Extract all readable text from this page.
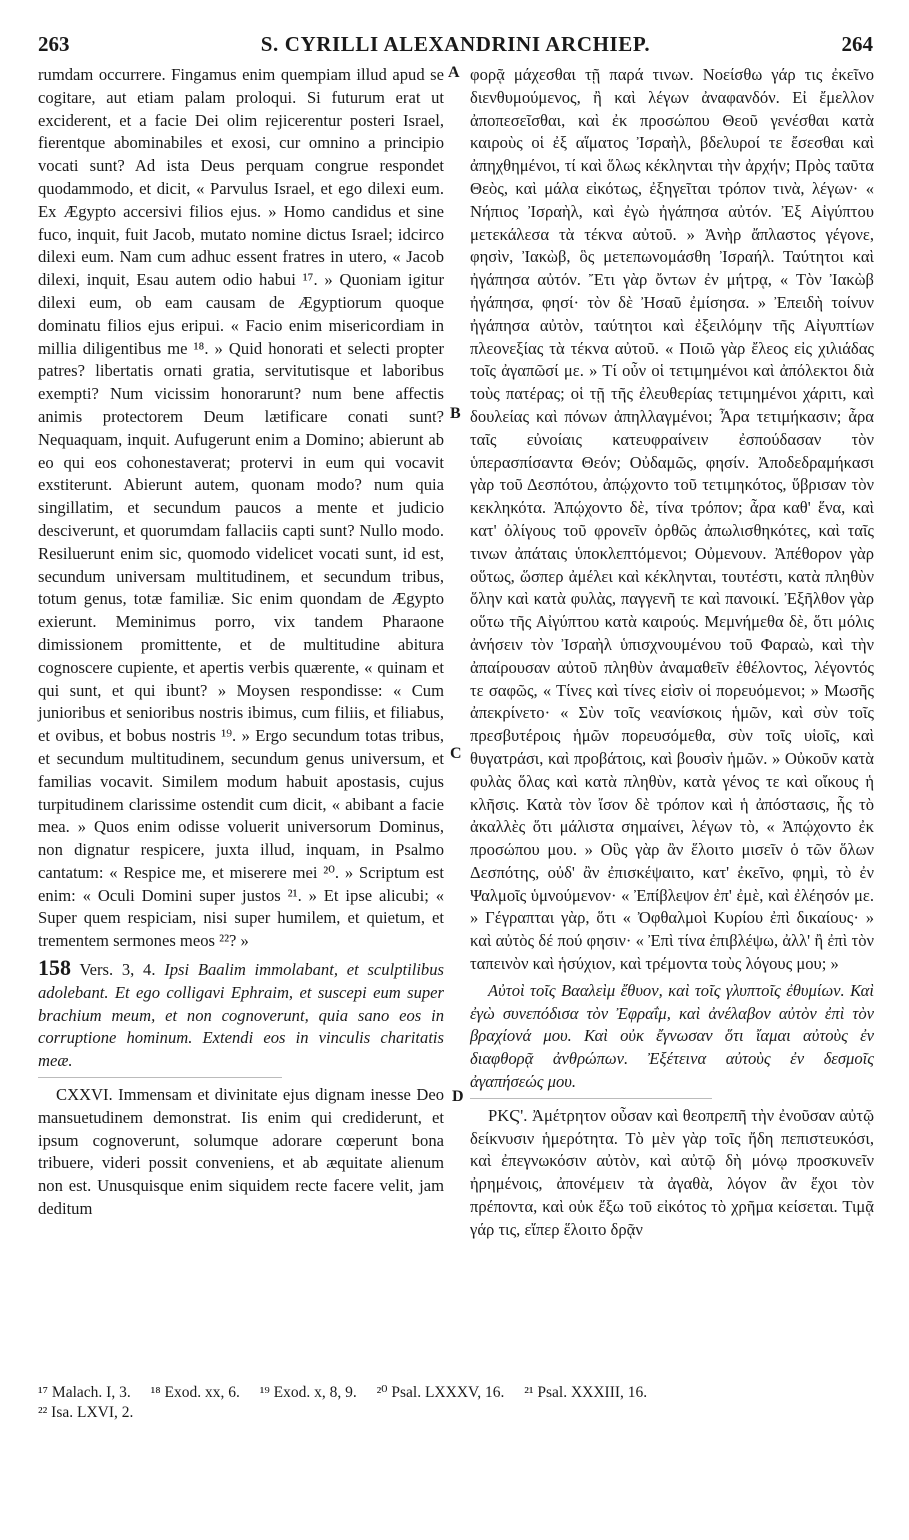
263	S. CYRILLI ALEXANDRINI ARCHIEP.	264

rumdam occurrere. Fingamus enim quempiam illud apud se cogitare, aut etiam palam proloqui. Si futurum erat ut exciderent, et a facie Dei olim rejicerentur posteri Israel, fierentque abominabiles et exosi, cur omnino a principio vocati sunt? Ad ista Deus perquam congrue respondet quodammodo, et dicit, « Parvulus Israel, et ego dilexi eum. Ex Ægypto accersivi filios ejus. » Homo candidus et sine fuco, inquit, fuit Jacob, mutato nomine dictus Israel; idcirco dilexi eum. Nam cum adhuc essent fratres in utero, « Jacob dilexi, inquit, Esau autem odio habui ¹⁷. » Quoniam igitur dilexi eum, ob eam causam de Ægyptiorum quoque dominatu filios ejus eripui. « Facio enim misericordiam in millia diligentibus me ¹⁸. » Quid honorati et selecti propter patres? libertatis ornati gratia, servitutisque et laboribus exempti? Num vicissim honorarunt? num bene affectis animis protectorem Deum lætificare conati sunt? Nequaquam, inquit. Aufugerunt enim a Domino; abierunt ab eo qui eos cohonestaverat; protervi in eum qui vocavit exstiterunt. Abierunt autem, quonam modo? num quia singillatim, et secundum paucos a mente et judicio desciverunt, et quorumdam fallaciis capti sunt? Nullo modo. Resiluerunt enim sic, quomodo videlicet vocati sunt, id est, secundum universam multitudinem, et secundum tribus, totum genus, totæ familiæ. Sic enim quondam de Ægypto exierunt. Meminimus porro, vix tandem Pharaone dimissionem promittente, et de multitudine abitura cognoscere cupiente, et apertis verbis quærente, « quinam et qui sunt, et qui ibunt? » Moysen respondisse: « Cum junioribus et senioribus nostris ibimus, cum filiis, et filiabus, et ovibus, et bobus nostris ¹⁹. » Ergo secundum totas tribus, et secundum multitudinem, secundum genus universum, et familias vocavit. Similem modum habuit apostasis, cujus turpitudinem clarissime ostendit cum dicit, « abibant a facie mea. » Quos enim odisse voluerit universorum Dominus, non dignatur respicere, juxta illud, inquam, in Psalmo cantatum: « Respice me, et miserere mei ²⁰. » Scriptum est enim: « Oculi Domini super justos ²¹. » Et ipse alicubi; « Super quem respiciam, nisi super humilem, et quietum, et trementem sermones meos ²²? »

158 Vers. 3, 4. Ipsi Baalim immolabant, et sculptilibus adolebant. Et ego colligavi Ephraim, et suscepi eum super brachium meum, et non cognoverunt, quia sano eos in corruptione hominum. Extendi eos in vinculis charitatis meæ.

CXXVI. Immensam et divinitate ejus dignam inesse Deo mansuetudinem demonstrat. Iis enim qui crediderunt, et ipsum cognoverunt, solumque adorare cœperunt bona tribuere, videri possit conveniens, et ab æquitate alienum non est. Unusquisque enim siquidem recte facere velit, jam deditum

φορᾷ μάχεσθαι τῇ παρά τινων. Νοείσθω γάρ τις ἐκεῖνο διενθυμούμενος, ἢ καὶ λέγων ἀναφανδόν. Εἰ ἔμελλον ἀποπεσεῖσθαι, καὶ ἐκ προσώπου Θεοῦ γενέσθαι κατὰ καιροὺς οἱ ἐξ αἵματος Ἰσραὴλ, βδελυροί τε ἔσεσθαι καὶ ἀπηχθημένοι, τί καὶ ὅλως κέκληνται τὴν ἀρχήν; Πρὸς ταῦτα Θεὸς, καὶ μάλα εἰκότως, ἐξηγεῖται τρόπον τινὰ, λέγων· « Νήπιος Ἰσραὴλ, καὶ ἐγὼ ἠγάπησα αὐτόν. Ἐξ Αἰγύπτου μετεκάλεσα τὰ τέκνα αὐτοῦ. » Ἀνὴρ ἄπλαστος γέγονε, φησὶν, Ἰακὼβ, ὃς μετεπωνομάσθη Ἰσραήλ. Ταύτητοι καὶ ἠγάπησα αὐτόν. Ἔτι γὰρ ὄντων ἐν μήτρᾳ, « Τὸν Ἰακὼβ ἠγάπησα, φησί· τὸν δὲ Ἠσαῦ ἐμίσησα. » Ἐπειδὴ τοίνυν ἠγάπησα αὐτὸν, ταύτητοι καὶ ἐξειλόμην τῆς Αἰγυπτίων πλεονεξίας τὰ τέκνα αὐτοῦ. « Ποιῶ γὰρ ἔλεος εἰς χιλιάδας τοῖς ἀγαπῶσί με. » Τί οὖν οἱ τετιμημένοι καὶ ἀπόλεκτοι διὰ τοὺς πατέρας; οἱ τῇ τῆς ἐλευθερίας τετιμημένοι χάριτι, καὶ δουλείας καὶ πόνων ἀπηλλαγμένοι; Ἆρα τετιμήκασιν; ἆρα ταῖς εὐνοίαις κατευφραίνειν ἐσπούδασαν τὸν ὑπερασπίσαντα Θεόν; Οὐδαμῶς, φησίν. Ἀποδεδραμήκασι γὰρ τοῦ Δεσπότου, ἀπῴχοντο τοῦ τετιμηκότος, ὕβρισαν τὸν κεκληκότα. Ἀπῴχοντο δὲ, τίνα τρόπον; ἆρα καθ' ἕνα, καὶ κατ' ὀλίγους τοῦ φρονεῖν ὀρθῶς ἀπωλισθηκότες, καὶ ταῖς τινων ἀπάταις ὑποκλεπτόμενοι; Οὐμενουν. Ἀπέθορον γὰρ οὕτως, ὥσπερ ἀμέλει καὶ κέκληνται, τουτέστι, κατὰ πληθὺν ὅλην καὶ κατὰ φυλὰς, παγγενῆ τε καὶ πανοικί. Ἐξῆλθον γὰρ οὕτω τῆς Αἰγύπτου κατὰ καιρούς. Μεμνήμεθα δὲ, ὅτι μόλις ἀνήσειν τὸν Ἰσραὴλ ὑπισχνουμένου τοῦ Φαραὼ, καὶ τὴν ἀπαίρουσαν αὐτοῦ πληθὺν ἀναμαθεῖν ἐθέλοντος, λέγοντός τε σαφῶς, « Τίνες καὶ τίνες εἰσὶν οἱ πορευόμενοι; » Μωσῆς ἀπεκρίνετο· « Σὺν τοῖς νεανίσκοις ἡμῶν, καὶ σὺν τοῖς πρεσβυτέροις ἡμῶν πορευσόμεθα, σὺν τοῖς υἱοῖς, καὶ θυγατράσι, καὶ προβάτοις, καὶ βουσὶν ἡμῶν. » Οὐκοῦν κατὰ φυλὰς ὅλας καὶ κατὰ πληθὺν, κατὰ γένος τε καὶ οἴκους ἡ κλῆσις. Κατὰ τὸν ἴσον δὲ τρόπον καὶ ἡ ἀπόστασις, ἧς τὸ ἀκαλλὲς ὅτι μάλιστα σημαίνει, λέγων τὸ, « Ἀπῴχοντο ἐκ προσώπου μου. » Οὓς γὰρ ἂν ἕλοιτο μισεῖν ὁ τῶν ὅλων Δεσπότης, οὐδ' ἂν ἐπισκέψαιτο, κατ' ἐκεῖνο, φημὶ, τὸ ἐν Ψαλμοῖς ὑμνούμενον· « Ἐπίβλεψον ἐπ' ἐμὲ, καὶ ἐλέησόν με. » Γέγραπται γὰρ, ὅτι « Ὀφθαλμοὶ Κυρίου ἐπὶ δικαίους· » καὶ αὐτὸς δέ πού φησιν· « Ἐπὶ τίνα ἐπιβλέψω, ἀλλ' ἢ ἐπὶ τὸν ταπεινὸν καὶ ἡσύχιον, καὶ τρέμοντα τοὺς λόγους μου; »

Αὐτοὶ τοῖς Βααλεὶμ ἔθυον, καὶ τοῖς γλυπτοῖς ἐθυμίων. Καὶ ἐγὼ συνεπόδισα τὸν Ἐφραΐμ, καὶ ἀνέλαβον αὐτὸν ἐπὶ τὸν βραχίονά μου. Καὶ οὐκ ἔγνωσαν ὅτι ἴαμαι αὐτοὺς ἐν διαφθορᾷ ἀνθρώπων. Ἐξέτεινα αὐτοὺς ἐν δεσμοῖς ἀγαπήσεώς μου.

ΡΚϚ'. Ἀμέτρητον οὖσαν καὶ θεοπρεπῆ τὴν ἐνοῦσαν αὐτῷ δείκνυσιν ἡμερότητα. Τὸ μὲν γὰρ τοῖς ἤδη πεπιστευκόσι, καὶ ἐπεγνωκόσιν αὐτὸν, καὶ αὐτῷ δὴ μόνῳ προσκυνεῖν ἠρημένοις, ἀπονέμειν τὰ ἀγαθὰ, λόγον ἂν ἔχοι τὸν πρέποντα, καὶ οὐκ ἔξω τοῦ εἰκότος τὸ χρῆμα κείσεται. Τιμᾷ γάρ τις, εἴπερ ἕλοιτο δρᾷν

A
B
C
D
¹⁷ Malach. I, 3. ¹⁸ Exod. xx, 6. ¹⁹ Exod. x, 8, 9. ²⁰ Psal. LXXXV, 16. ²¹ Psal. XXXIII, 16.
²² Isa. LXVI, 2.
